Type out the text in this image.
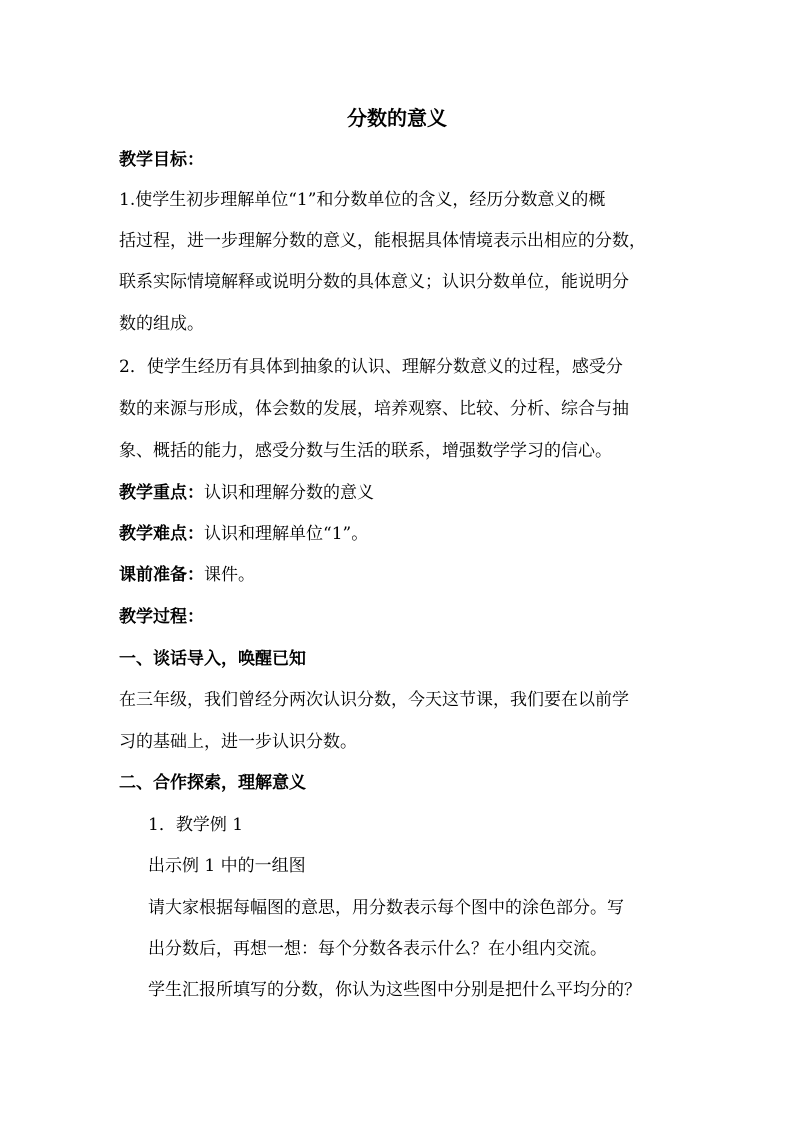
分数的意义
教学目标：
1.使学生初步理解单位“1”和分数单位的含义，经历分数意义的概
括过程，进一步理解分数的意义，能根据具体情境表示出相应的分数，
联系实际情境解释或说明分数的具体意义；认识分数单位，能说明分
数的组成。
2．使学生经历有具体到抽象的认识、理解分数意义的过程，感受分
数的来源与形成，体会数的发展，培养观察、比较、分析、综合与抽
象、概括的能力，感受分数与生活的联系，增强数学学习的信心。
教学重点：认识和理解分数的意义
教学难点：认识和理解单位“1”。
课前准备：课件。
教学过程：
一、谈话导入，唤醒已知
在三年级，我们曾经分两次认识分数，今天这节课，我们要在以前学
习的基础上，进一步认识分数。
二、合作探索，理解意义
1．教学例 1
出示例 1 中的一组图
请大家根据每幅图的意思，用分数表示每个图中的涂色部分。写
出分数后，再想一想：每个分数各表示什么？在小组内交流。
学生汇报所填写的分数，你认为这些图中分别是把什么平均分的？
